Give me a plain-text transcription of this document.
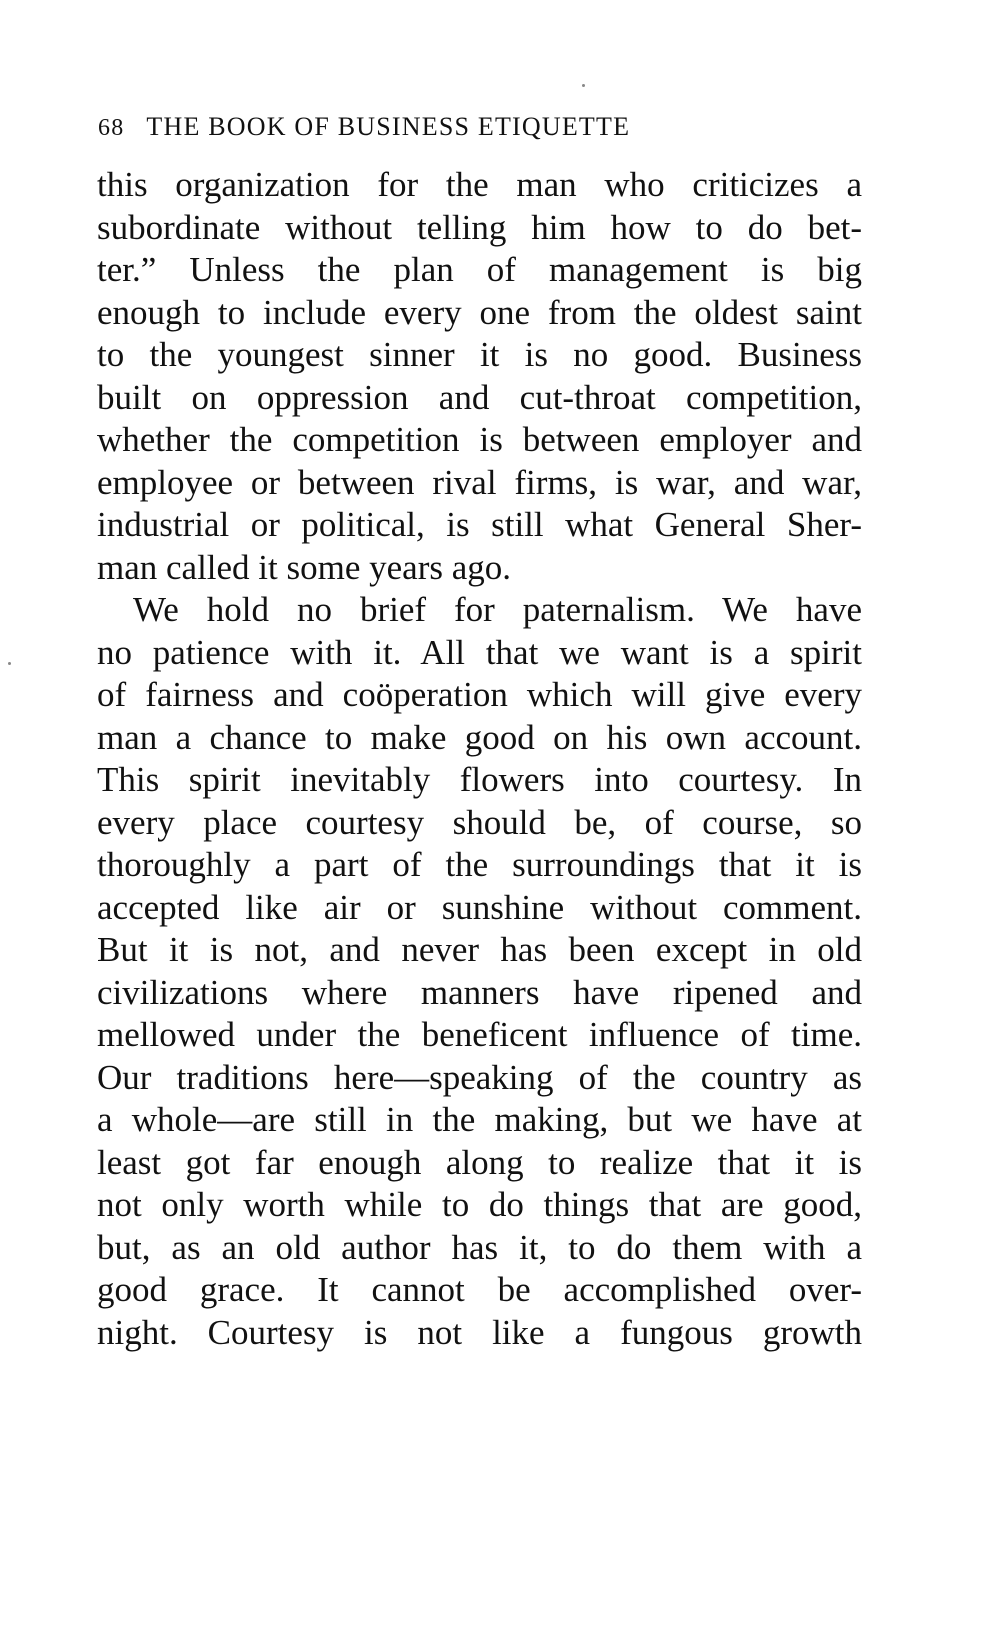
68 THE BOOK OF BUSINESS ETIQUETTE
this organization for the man who criticizes a
subordinate without telling him how to do bet-
ter.” Unless the plan of management is big
enough to include every one from the oldest saint
to the youngest sinner it is no good. Business
built on oppression and cut-throat competition,
whether the competition is between employer and
employee or between rival firms, is war, and war,
industrial or political, is still what General Sher-
man called it some years ago.
We hold no brief for paternalism. We have
no patience with it. All that we want is a spirit
of fairness and coöperation which will give every
man a chance to make good on his own account.
This spirit inevitably flowers into courtesy. In
every place courtesy should be, of course, so
thoroughly a part of the surroundings that it is
accepted like air or sunshine without comment.
But it is not, and never has been except in old
civilizations where manners have ripened and
mellowed under the beneficent influence of time.
Our traditions here—speaking of the country as
a whole—are still in the making, but we have at
least got far enough along to realize that it is
not only worth while to do things that are good,
but, as an old author has it, to do them with a
good grace. It cannot be accomplished over-
night. Courtesy is not like a fungous growth
